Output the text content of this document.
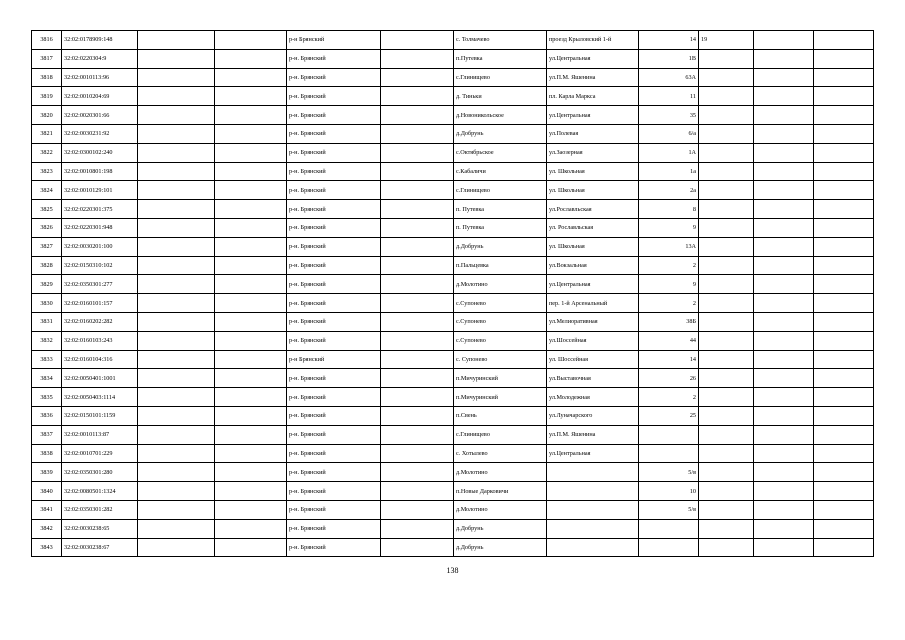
3816	32:02:0178909:148			р-н Брянский		с. Толмачево	проезд Крыловский 1-й	14	19		
3817	32:02:0220304:9			р-н. Брянский		п.Путевка	ул.Центральная	1В			
3818	32:02:0010113:96			р-н. Брянский		с.Глинищево	ул.П.М. Яшенина	63А			
3819	32:02:0010204:69			р-н. Брянский		д. Тиньки	пл. Карла Маркса	11			
3820	32:02:0020301:66			р-н. Брянский		д.Новоникольское	ул.Центральная	35			
3821	32:02:0030231:92			р-н. Брянский		д.Добрунь	ул.Полевая	6/а			
3822	32:02:0300102:240			р-н. Брянский		с.Октябрьское	ул.Заозерная	1А			
3823	32:02:0010801:198			р-н. Брянский		с.Кабаличи	ул. Школьная	1а			
3824	32:02:0010129:101			р-н. Брянский		с.Глинищево	ул. Школьная	2а			
3825	32:02:0220301:375			р-н. Брянский		п. Путевка	ул.Рославльская	8			
3826	32:02:0220301:948			р-н. Брянский		п. Путевка	ул. Рославльская	9			
3827	32:02:0030201:100			р-н. Брянский		д.Добрунь	ул. Школьная	13А			
3828	32:02:0150310:102			р-н. Брянский		п.Пальцевка	ул.Вокзальная	2			
3829	32:02:0350301:277			р-н. Брянский		д.Молотино	ул.Центральная	9			
3830	32:02:0160101:157			р-н. Брянский		с.Супонево	пер. 1-й Арсенальный	2			
3831	32:02:0160202:282			р-н. Брянский		с.Супонево	ул.Мелиоративная	38Б			
3832	32:02:0160103:243			р-н. Брянский		с.Супонево	ул.Шоссейная	44			
3833	32:02:0160104:316			р-н Брянский		с. Супонево	ул. Шоссейная	14			
3834	32:02:0050401:1001			р-н. Брянский		п.Мичуринский	ул.Выставочная	26			
3835	32:02:0050403:1114			р-н. Брянский		п.Мичуринский	ул.Молодежная	2			
3836	32:02:0150101:1159			р-н. Брянский		п.Свень	ул.Луначарского	25			
3837	32:02:0010113:87			р-н. Брянский		с.Глинищево	ул.П.М. Яшенина				
3838	32:02:0010701:229			р-н. Брянский		с. Хотылево	ул.Центральная				
3839	32:02:0350301:280			р-н. Брянский		д.Молотино		5/в			
3840	32:02:0080501:1324			р-н. Брянский		п.Новые Дарковичи		10			
3841	32:02:0350301:282			р-н. Брянский		д.Молотино		5/в			
3842	32:02:0030238:65			р-н. Брянский		д.Добрунь					
3843	32:02:0030238:67			р-н. Брянский		д.Добрунь					
138
